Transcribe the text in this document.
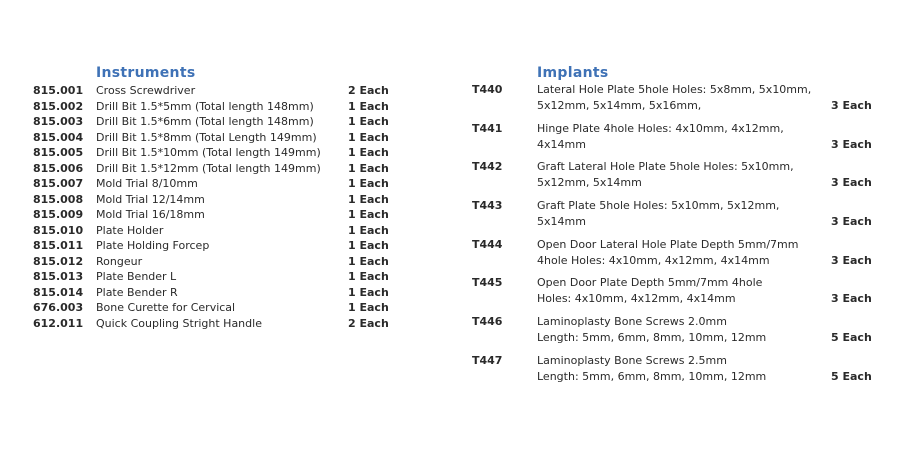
Instruments
815.001 Cross Screwdriver	2 Each
815.002 Drill Bit 1.5*5mm (Total length 148mm)	1 Each
815.003 Drill Bit 1.5*6mm (Total length 148mm)	1 Each
815.004 Drill Bit 1.5*8mm (Total Length 149mm)	1 Each
815.005 Drill Bit 1.5*10mm (Total length 149mm) 1 Each
815.006 Drill Bit 1.5*12mm (Total length 149mm) 1 Each
815.007 Mold Trial 8/10mm	1 Each
815.008 Mold Trial 12/14mm	1 Each
815.009 Mold Trial 16/18mm	1 Each
815.010 Plate Holder	1 Each
815.011 Plate Holding Forcep	1 Each
815.012 Rongeur	1 Each
815.013 Plate Bender L	1 Each
815.014 Plate Bender R	1 Each
676.003 Bone Curette for Cervical	1 Each
612.011 Quick Coupling Stright Handle	2 Each
Implants
T440	Lateral Hole Plate 5hole Holes: 5x8mm, 5x10mm,
5x12mm, 5x14mm, 5x16mm,	3 Each
T441	Hinge Plate 4hole Holes: 4x10mm, 4x12mm,
4x14mm	3 Each
T442	Graft Lateral Hole Plate 5hole Holes: 5x10mm,
5x12mm, 5x14mm	3 Each
T443	Graft Plate 5hole Holes: 5x10mm, 5x12mm,
5x14mm	3 Each
T444	Open Door Lateral Hole Plate Depth 5mm/7mm
4hole Holes: 4x10mm, 4x12mm, 4x14mm	3 Each
T445	Open Door Plate Depth 5mm/7mm 4hole
Holes: 4x10mm, 4x12mm, 4x14mm	3 Each
T446	Laminoplasty Bone Screws 2.0mm
Length: 5mm, 6mm, 8mm, 10mm, 12mm	5 Each
T447	Laminoplasty Bone Screws 2.5mm
Length: 5mm, 6mm, 8mm, 10mm, 12mm	5 Each
